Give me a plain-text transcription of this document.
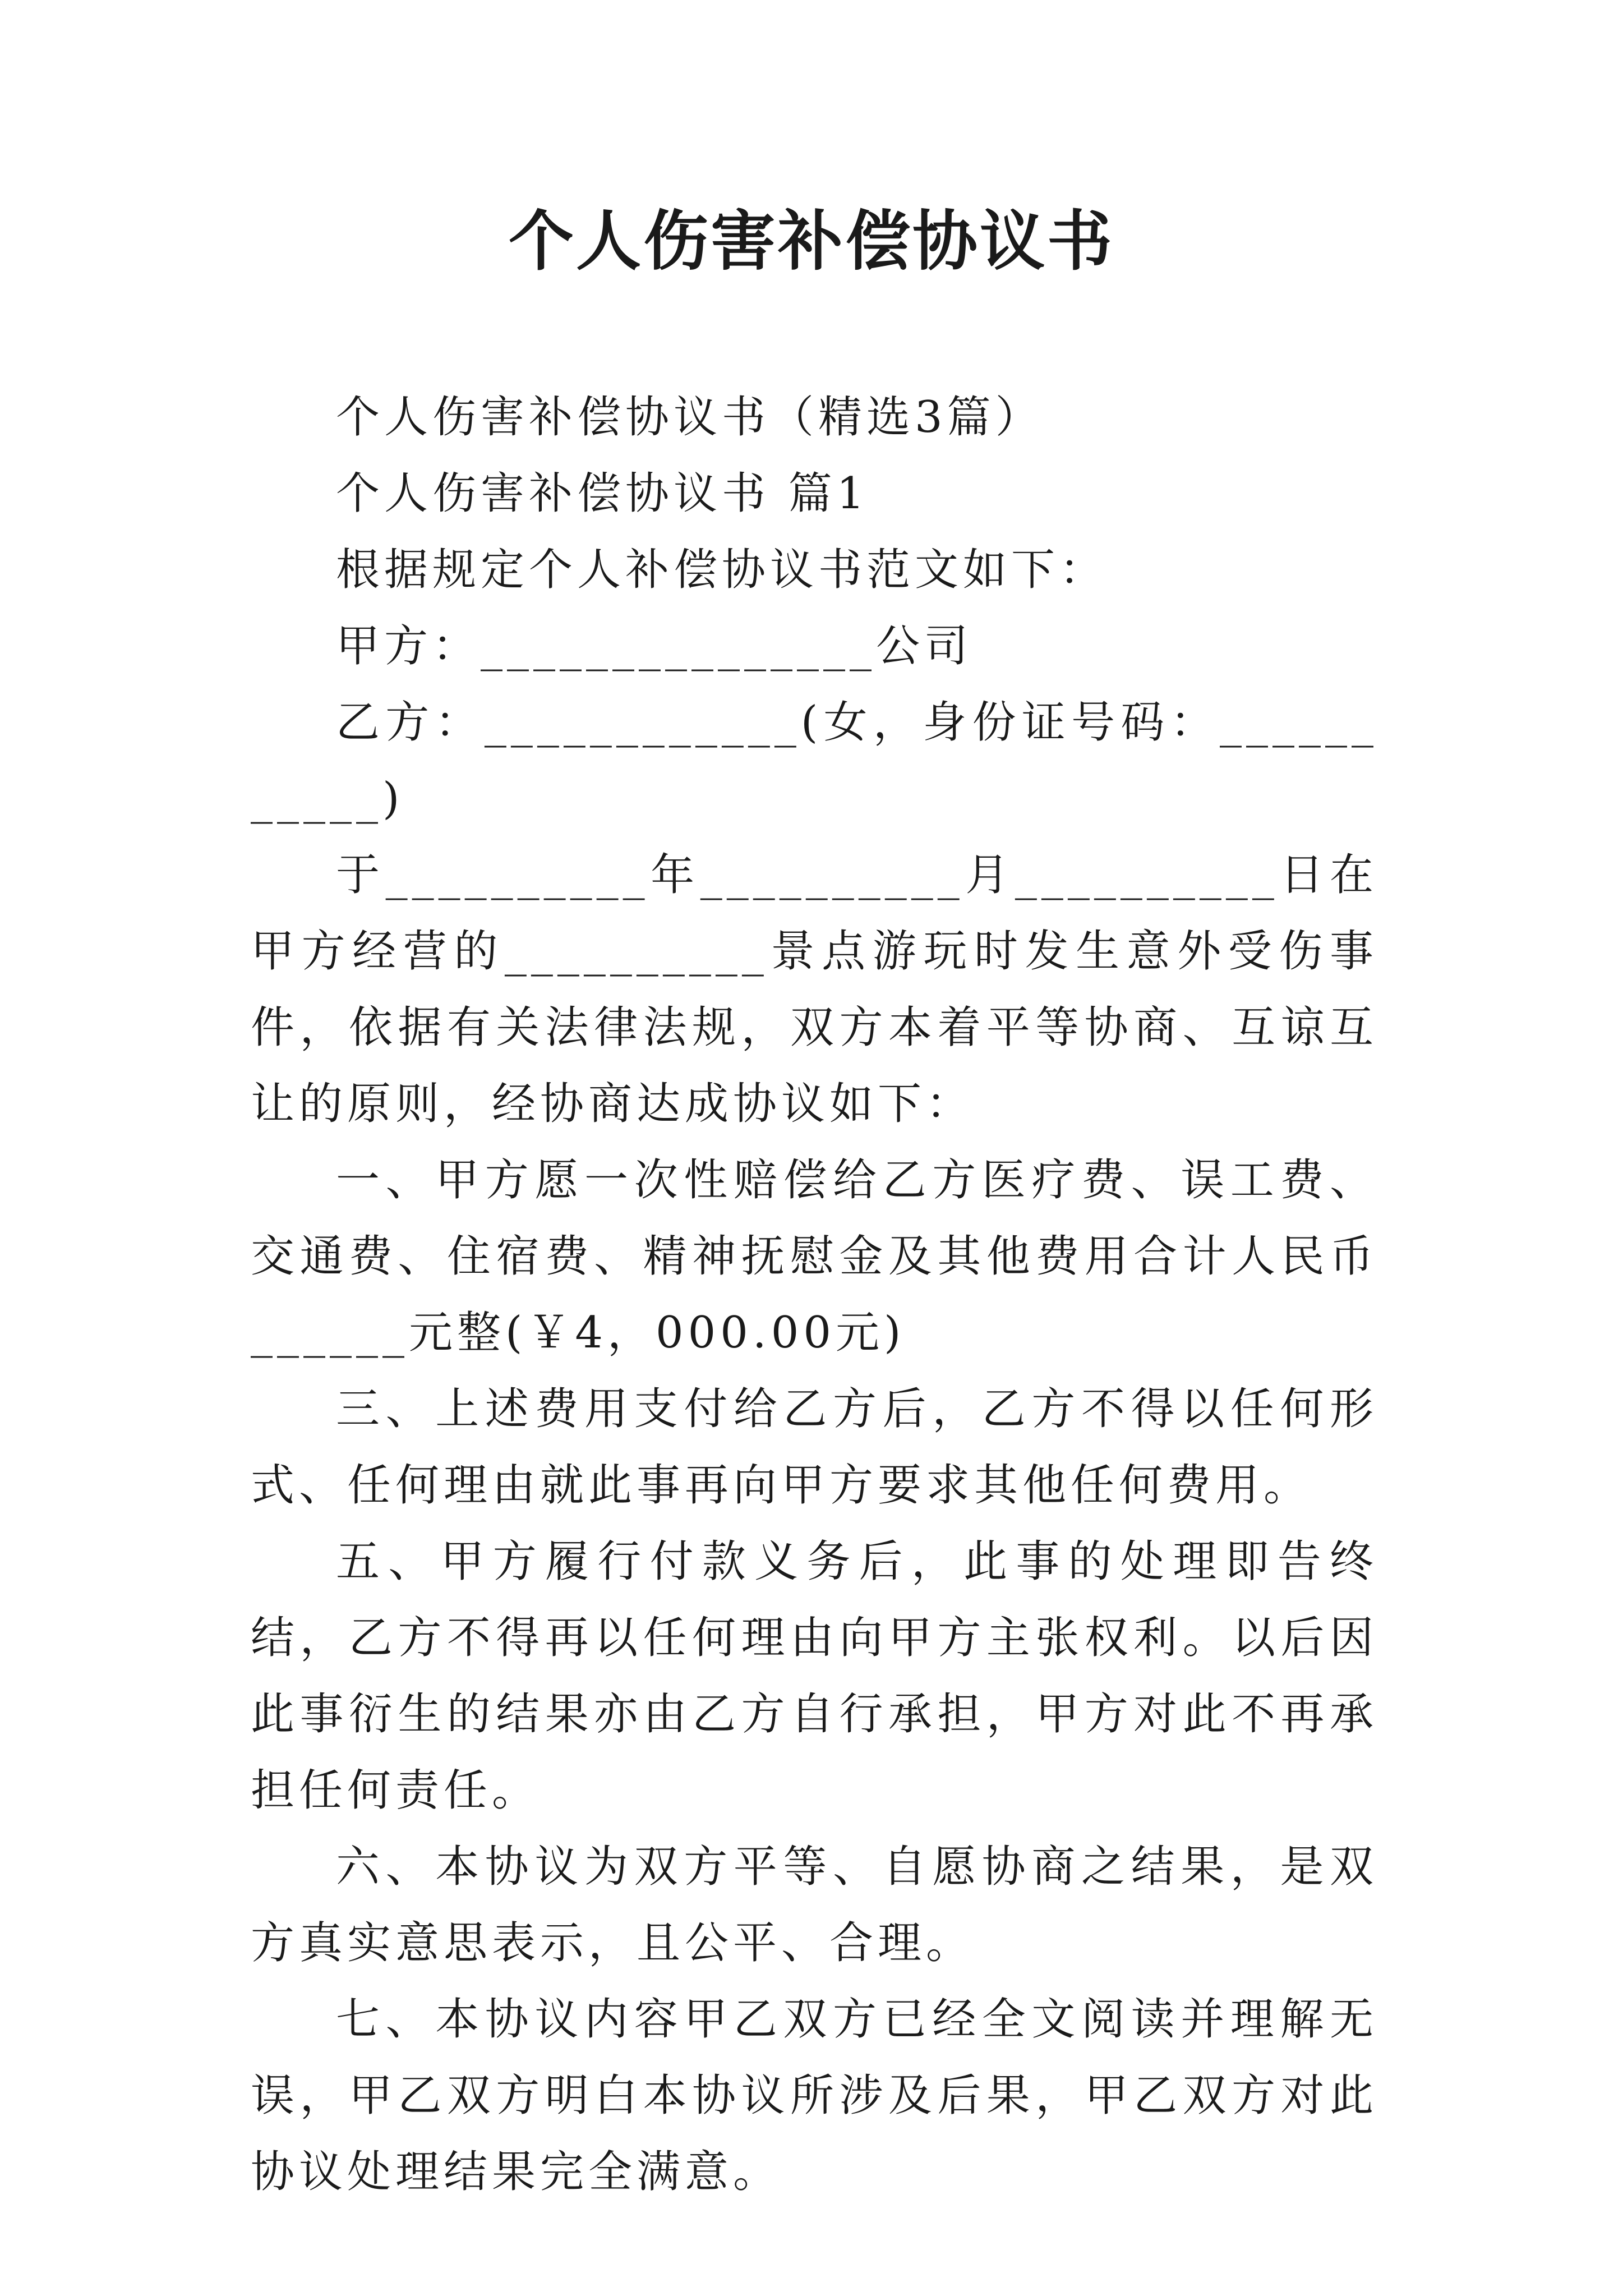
个人伤害补偿协议书

个人伤害补偿协议书（精选3篇）

个人伤害补偿协议书 篇1

根据规定个人补偿协议书范文如下：

甲方：_______________公司

乙方：____________(女，身份证号码：___________)

于__________年__________月__________日在甲方经营的__________景点游玩时发生意外受伤事件，依据有关法律法规，双方本着平等协商、互谅互让的原则，经协商达成协议如下：

一、甲方愿一次性赔偿给乙方医疗费、误工费、交通费、住宿费、精神抚慰金及其他费用合计人民币______元整(￥4，000.00元)

三、上述费用支付给乙方后，乙方不得以任何形式、任何理由就此事再向甲方要求其他任何费用。

五、甲方履行付款义务后，此事的处理即告终结，乙方不得再以任何理由向甲方主张权利。以后因此事衍生的结果亦由乙方自行承担，甲方对此不再承担任何责任。

六、本协议为双方平等、自愿协商之结果，是双方真实意思表示，且公平、合理。

七、本协议内容甲乙双方已经全文阅读并理解无误，甲乙双方明白本协议所涉及后果，甲乙双方对此协议处理结果完全满意。
